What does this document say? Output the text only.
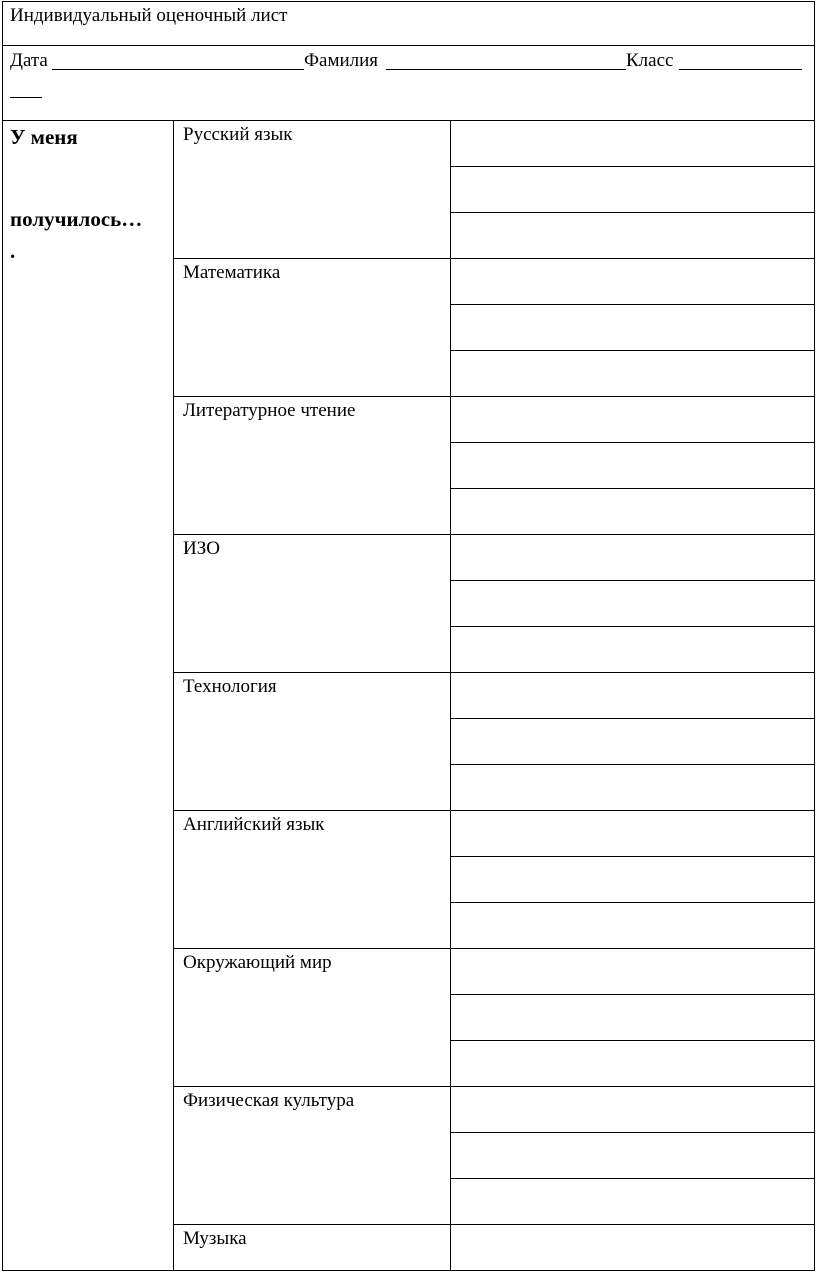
Индивидуальный оценочный лист
Дата	Фамилия	Класс
У меня
получилось…
.
Русский язык
Математика
Литературное чтение
ИЗО
Технология
Английский язык
Окружающий мир
Физическая культура
Музыка
